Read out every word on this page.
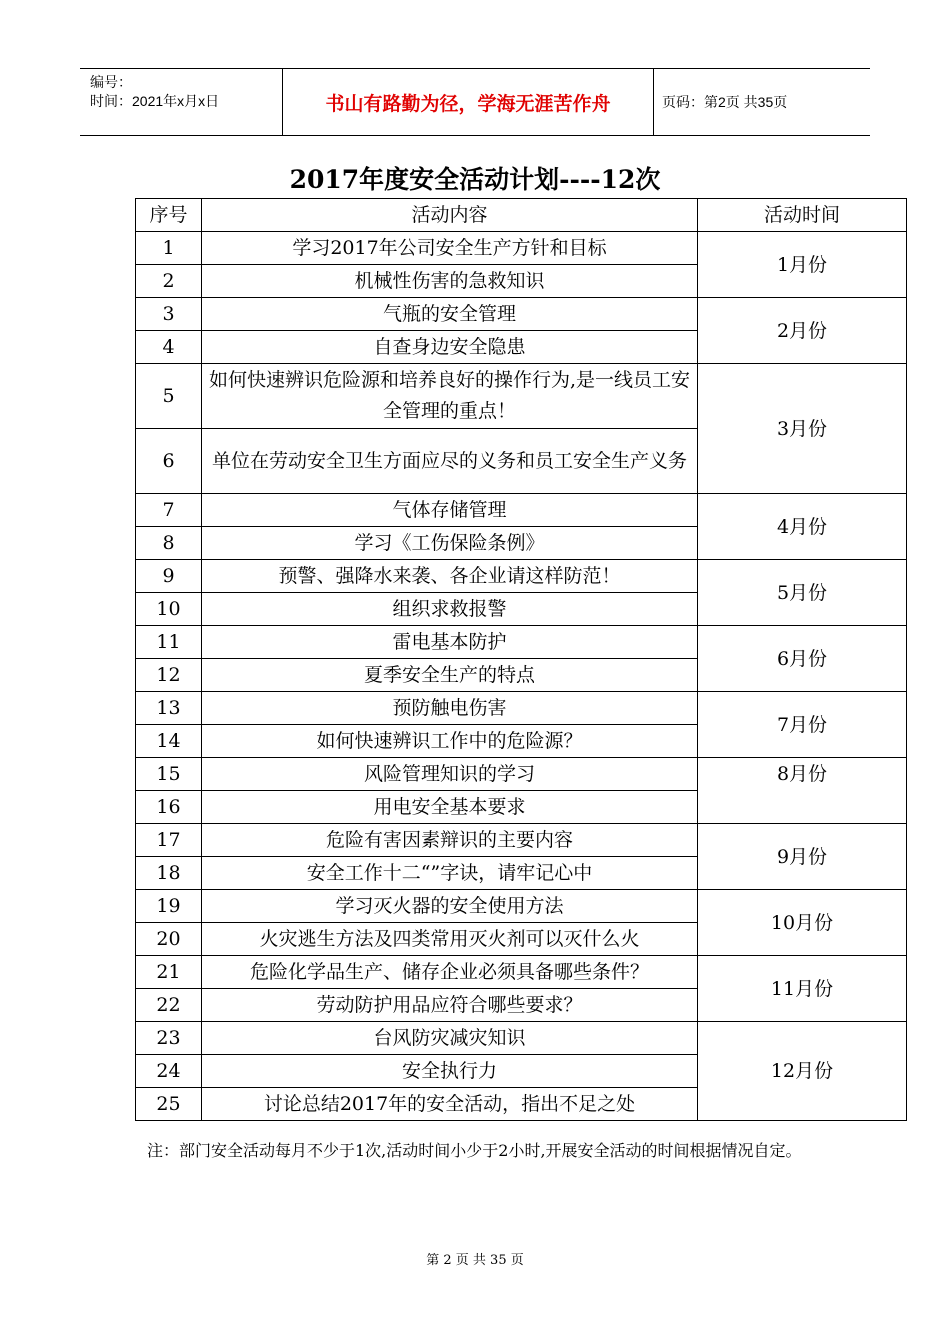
编号：
时间：2021年x月x日	书山有路勤为径，学海无涯苦作舟	页码：第2页 共35页
2017年度安全活动计划----12次
序号	活动内容	活动时间
1	学习2017年公司安全生产方针和目标	1月份
2	机械性伤害的急救知识	
3	气瓶的安全管理	2月份
4	自查身边安全隐患	
5	如何快速辨识危险源和培养良好的操作行为,是一线员工安全管理的重点！	3月份
6	单位在劳动安全卫生方面应尽的义务和员工安全生产义务	
7	气体存储管理	4月份
8	学习《工伤保险条例》	
9	预警、强降水来袭、各企业请这样防范！	5月份
10	组织求救报警	
11	雷电基本防护	6月份
12	夏季安全生产的特点	
13	预防触电伤害	7月份
14	如何快速辨识工作中的危险源？	
15	风险管理知识的学习	8月份
16	用电安全基本要求	
17	危险有害因素辩识的主要内容	9月份
18	安全工作十二“”字诀，请牢记心中	
19	学习灭火器的安全使用方法	10月份
20	火灾逃生方法及四类常用灭火剂可以灭什么火	
21	危险化学品生产、储存企业必须具备哪些条件？	11月份
22	劳动防护用品应符合哪些要求？	
23	台风防灾减灾知识	12月份
24	安全执行力	
25	讨论总结2017年的安全活动，指出不足之处	
注：部门安全活动每月不少于1次,活动时间小少于2小时,开展安全活动的时间根据情况自定。
第 2 页 共 35 页
